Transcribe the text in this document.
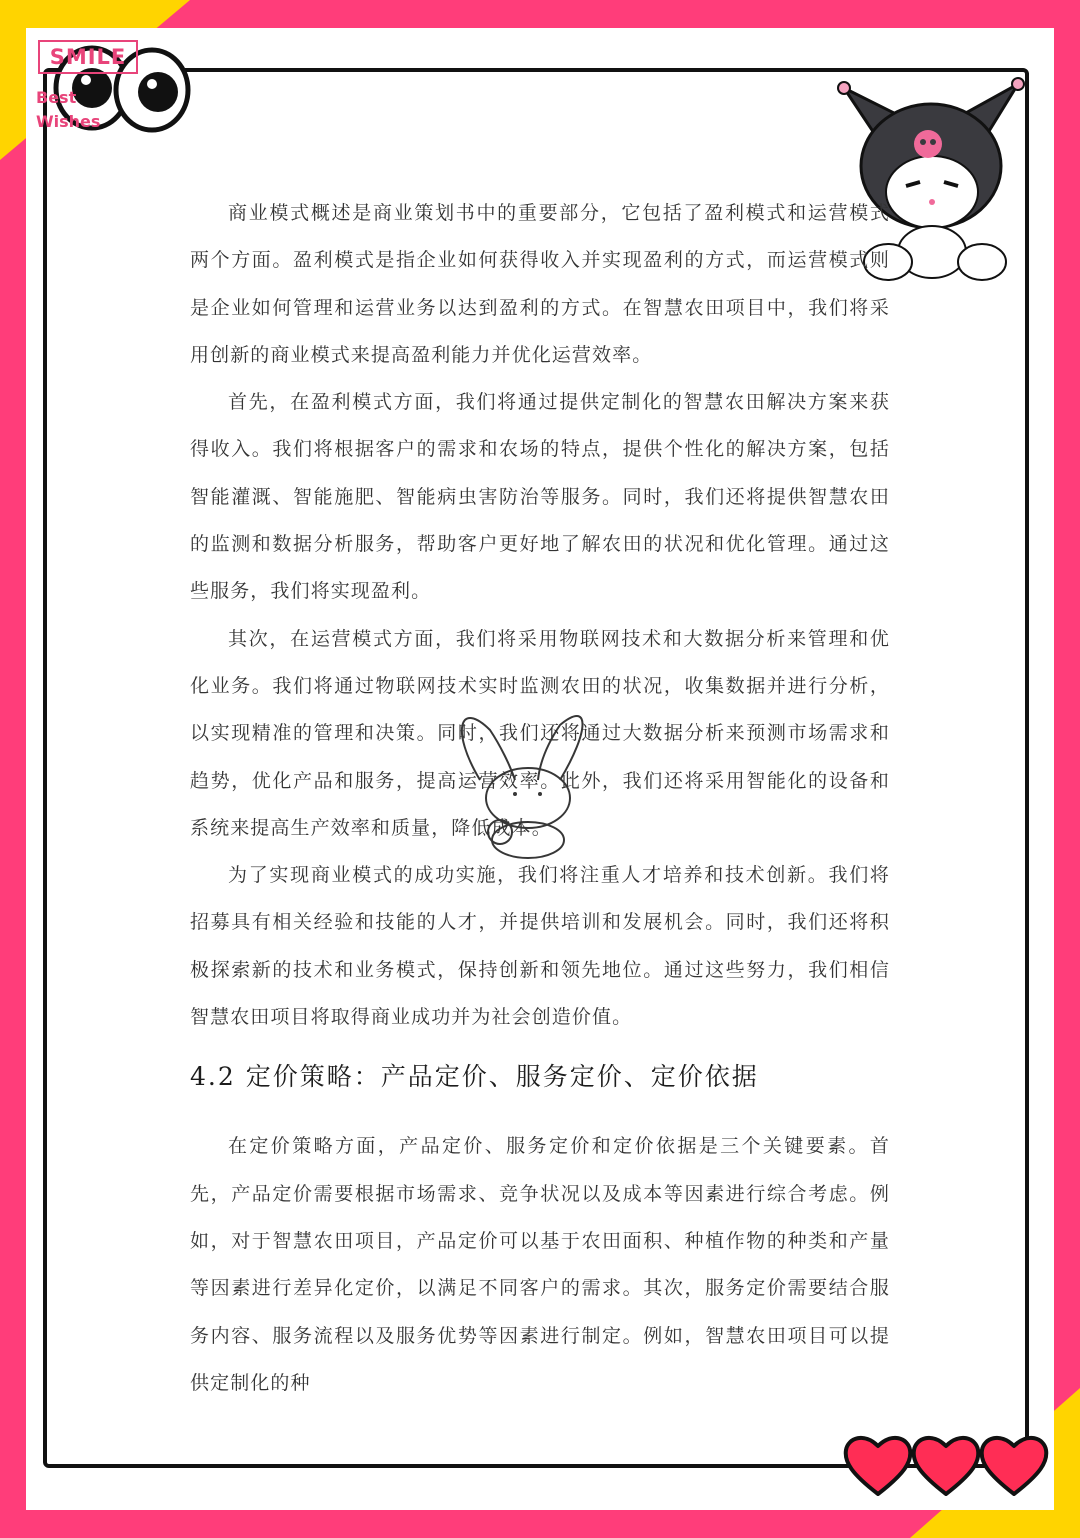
SMILE
Best
Wishes

商业模式概述是商业策划书中的重要部分，它包括了盈利模式和运营模式两个方面。盈利模式是指企业如何获得收入并实现盈利的方式，而运营模式则是企业如何管理和运营业务以达到盈利的方式。在智慧农田项目中，我们将采用创新的商业模式来提高盈利能力并优化运营效率。

首先，在盈利模式方面，我们将通过提供定制化的智慧农田解决方案来获得收入。我们将根据客户的需求和农场的特点，提供个性化的解决方案，包括智能灌溉、智能施肥、智能病虫害防治等服务。同时，我们还将提供智慧农田的监测和数据分析服务，帮助客户更好地了解农田的状况和优化管理。通过这些服务，我们将实现盈利。

其次，在运营模式方面，我们将采用物联网技术和大数据分析来管理和优化业务。我们将通过物联网技术实时监测农田的状况，收集数据并进行分析，以实现精准的管理和决策。同时，我们还将通过大数据分析来预测市场需求和趋势，优化产品和服务，提高运营效率。此外，我们还将采用智能化的设备和系统来提高生产效率和质量，降低成本。

为了实现商业模式的成功实施，我们将注重人才培养和技术创新。我们将招募具有相关经验和技能的人才，并提供培训和发展机会。同时，我们还将积极探索新的技术和业务模式，保持创新和领先地位。通过这些努力，我们相信智慧农田项目将取得商业成功并为社会创造价值。

4.2 定价策略：产品定价、服务定价、定价依据

在定价策略方面，产品定价、服务定价和定价依据是三个关键要素。首先，产品定价需要根据市场需求、竞争状况以及成本等因素进行综合考虑。例如，对于智慧农田项目，产品定价可以基于农田面积、种植作物的种类和产量等因素进行差异化定价，以满足不同客户的需求。其次，服务定价需要结合服务内容、服务流程以及服务优势等因素进行制定。例如，智慧农田项目可以提供定制化的种
